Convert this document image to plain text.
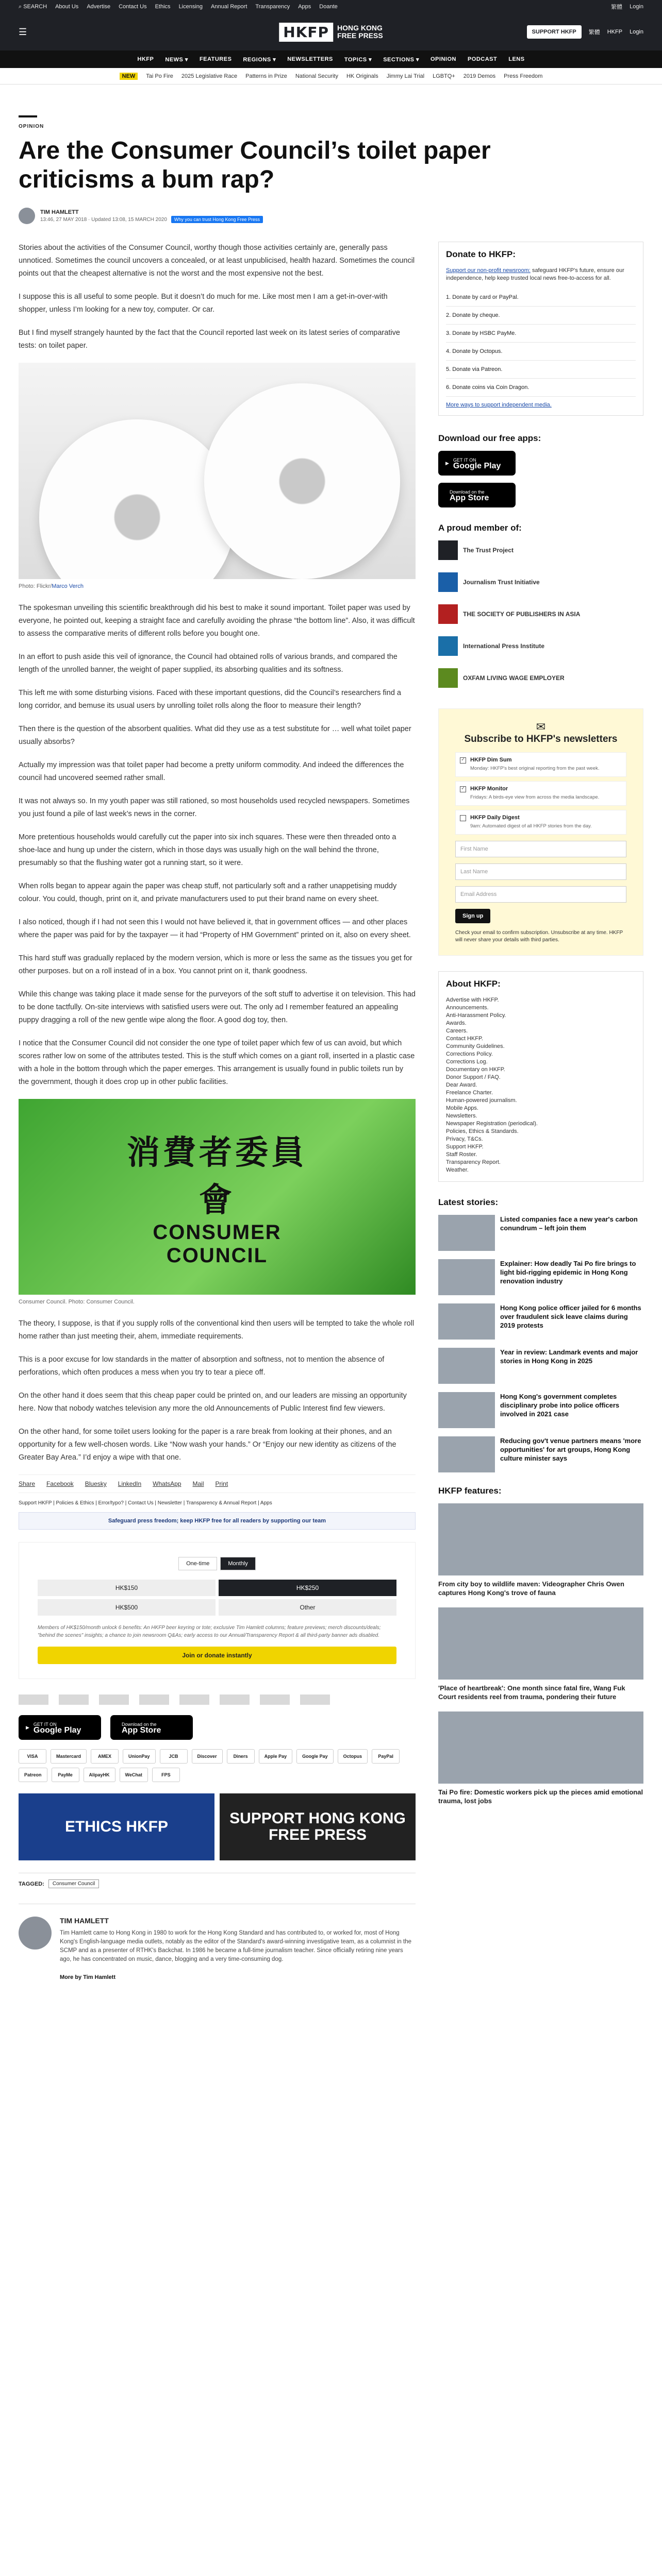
⌕ SEARCH About Us Advertise Contact Us Ethics Licensing Annual Report Transparency Apps Doante	繁體 Login
☰	HKFP	HONG KONG
FREE PRESS	SUPPORT HKFP	繁體 HKFP Login
HKFP NEWS ▾ FEATURES REGIONS ▾ NEWSLETTERS TOPICS ▾ SECTIONS ▾ OPINION PODCAST LENS
NEW	Tai Po Fire 2025 Legislative Race Patterns in Prize National Security HK Originals Jimmy Lai Trial LGBTQ+ 2019 Demos Press Freedom
OPINION
Are the Consumer Council’s toilet paper criticisms a bum rap?
TIM HAMLETT
13:46, 27 MAY 2018 · Updated 13:08, 15 MARCH 2020 Why you can trust Hong Kong Free Press

Stories about the activities of the Consumer Council, worthy though those activities certainly are, generally pass unnoticed. Sometimes the council uncovers a concealed, or at least unpublicised, health hazard. Sometimes the council points out that the cheapest alternative is not the worst and the most expensive not the best.

I suppose this is all useful to some people. But it doesn’t do much for me. Like most men I am a get-in-over-with shopper, unless I’m looking for a new toy, computer. Or car.

But I find myself strangely haunted by the fact that the Council reported last week on its latest series of comparative tests: on toilet paper.

Photo: Flickr/Marco Verch

The spokesman unveiling this scientific breakthrough did his best to make it sound important. Toilet paper was used by everyone, he pointed out, keeping a straight face and carefully avoiding the phrase “the bottom line”. Also, it was difficult to assess the comparative merits of different rolls before you bought one.

In an effort to push aside this veil of ignorance, the Council had obtained rolls of various brands, and compared the length of the unrolled banner, the weight of paper supplied, its absorbing qualities and its softness.

This left me with some disturbing visions. Faced with these important questions, did the Council’s researchers find a long corridor, and bemuse its usual users by unrolling toilet rolls along the floor to measure their length?

Then there is the question of the absorbent qualities. What did they use as a test substitute for … well what toilet paper usually absorbs?

Actually my impression was that toilet paper had become a pretty uniform commodity. And indeed the differences the council had uncovered seemed rather small.

It was not always so. In my youth paper was still rationed, so most households used recycled newspapers. Sometimes you just found a pile of last week’s news in the corner.

More pretentious households would carefully cut the paper into six inch squares. These were then threaded onto a shoe-lace and hung up under the cistern, which in those days was usually high on the wall behind the throne, presumably so that the flushing water got a running start, so it were.

When rolls began to appear again the paper was cheap stuff, not particularly soft and a rather unappetising muddy colour. You could, though, print on it, and private manufacturers used to put their brand name on every sheet.

I also noticed, though if I had not seen this I would not have believed it, that in government offices — and other places where the paper was paid for by the taxpayer — it had “Property of HM Government” printed on it, also on every sheet.

This hard stuff was gradually replaced by the modern version, which is more or less the same as the tissues you get for other purposes. but on a roll instead of in a box. You cannot print on it, thank goodness.

While this change was taking place it made sense for the purveyors of the soft stuff to advertise it on television. This had to be done tactfully. On-site interviews with satisfied users were out. The only ad I remember featured an appealing puppy dragging a roll of the new gentle wipe along the floor. A good dog toy, then.

I notice that the Consumer Council did not consider the one type of toilet paper which few of us can avoid, but which scores rather low on some of the attributes tested. This is the stuff which comes on a giant roll, inserted in a plastic case with a hole in the bottom through which the paper emerges. This arrangement is usually found in public toilets run by the government, though it does crop up in other public facilities.

消費者委員會
CONSUMER COUNCIL
Consumer Council. Photo: Consumer Council.

The theory, I suppose, is that if you supply rolls of the conventional kind then users will be tempted to take the whole roll home rather than just meeting their, ahem, immediate requirements.

This is a poor excuse for low standards in the matter of absorption and softness, not to mention the absence of perforations, which often produces a mess when you try to tear a piece off.

On the other hand it does seem that this cheap paper could be printed on, and our leaders are missing an opportunity here. Now that nobody watches television any more the old Announcements of Public Interest find few viewers.

On the other hand, for some toilet users looking for the paper is a rare break from looking at their phones, and an opportunity for a few well-chosen words. Like “Now wash your hands.” Or “Enjoy our new identity as citizens of the Greater Bay Area.” I’d enjoy a wipe with that one.

Share Facebook Bluesky LinkedIn WhatsApp Mail Print
Support HKFP | Policies & Ethics | Error/typo? | Contact Us | Newsletter | Transparency & Annual Report | Apps
Safeguard press freedom; keep HKFP free for all readers by supporting our team
One-time	Monthly
HK$150	HK$250
HK$500	Other
Members of HK$150/month unlock 6 benefits: An HKFP beer keyring or tote; exclusive Tim Hamlett columns; feature previews; merch discounts/deals; "behind the scenes" insights; a chance to join newsroom Q&As; early access to our Annual/Transparency Report & all third-party banner ads disabled.
Join or donate instantly
▶
GET IT ON
Google Play
Download on the
App Store
VISA	Mastercard	AMEX	UnionPay	JCB	Discover	Diners	Apple Pay	Google Pay	Octopus	PayPal
Patreon	PayMe	AlipayHK	WeChat	FPS
ETHICS HKFP	SUPPORT HONG KONG FREE PRESS
TAGGED:	Consumer Council
TIM HAMLETT

Tim Hamlett came to Hong Kong in 1980 to work for the Hong Kong Standard and has contributed to, or worked for, most of Hong Kong's English-language media outlets, notably as the editor of the Standard's award-winning investigative team, as a columnist in the SCMP and as a presenter of RTHK's Backchat. In 1986 he became a full-time journalism teacher. Since officially retiring nine years ago, he has concentrated on music, dance, blogging and a very time-consuming dog.

More by Tim Hamlett
Donate to HKFP:

Support our non-profit newsroom: safeguard HKFP's future, ensure our independence, help keep trusted local news free-to-access for all.

1. Donate by card or PayPal.
2. Donate by cheque.
3. Donate by HSBC PayMe.
4. Donate by Octopus.
5. Donate via Patreon.
6. Donate coins via Coin Dragon.
More ways to support independent media.
Download our free apps:
▶
GET IT ON
Google Play
Download on the
App Store
A proud member of:
The Trust Project
Journalism Trust Initiative
THE SOCIETY OF PUBLISHERS IN ASIA
International Press Institute
OXFAM LIVING WAGE EMPLOYER
✉
Subscribe to HKFP's newsletters
✓
HKFP Dim Sum
Monday: HKFP's best original reporting from the past week.
✓
HKFP Monitor
Fridays: A birds-eye view from across the media landscape.
HKFP Daily Digest
9am: Automated digest of all HKFP stories from the day.
First Name
Last Name
Email Address
Sign up
Check your email to confirm subscription. Unsubscribe at any time. HKFP will never share your details with third parties.
About HKFP:
Advertise with HKFP.
Announcements.
Anti-Harassment Policy.
Awards.
Careers.
Contact HKFP.
Community Guidelines.
Corrections Policy.
Corrections Log.
Documentary on HKFP.
Donor Support / FAQ.
Dear Award.
Freelance Charter.
Human-powered journalism.
Mobile Apps.
Newsletters.
Newspaper Registration (periodical).
Policies, Ethics & Standards.
Privacy, T&Cs.
Support HKFP.
Staff Roster.
Transparency Report.
Weather.
Latest stories:
Listed companies face a new year's carbon conundrum – left join them
Explainer: How deadly Tai Po fire brings to light bid-rigging epidemic in Hong Kong renovation industry
Hong Kong police officer jailed for 6 months over fraudulent sick leave claims during 2019 protests
Year in review: Landmark events and major stories in Hong Kong in 2025
Hong Kong's government completes disciplinary probe into police officers involved in 2021 case
Reducing gov't venue partners means 'more opportunities' for art groups, Hong Kong culture minister says
HKFP features:
From city boy to wildlife maven: Videographer Chris Owen captures Hong Kong's trove of fauna
'Place of heartbreak': One month since fatal fire, Wang Fuk Court residents reel from trauma, pondering their future
Tai Po fire: Domestic workers pick up the pieces amid emotional trauma, lost jobs
